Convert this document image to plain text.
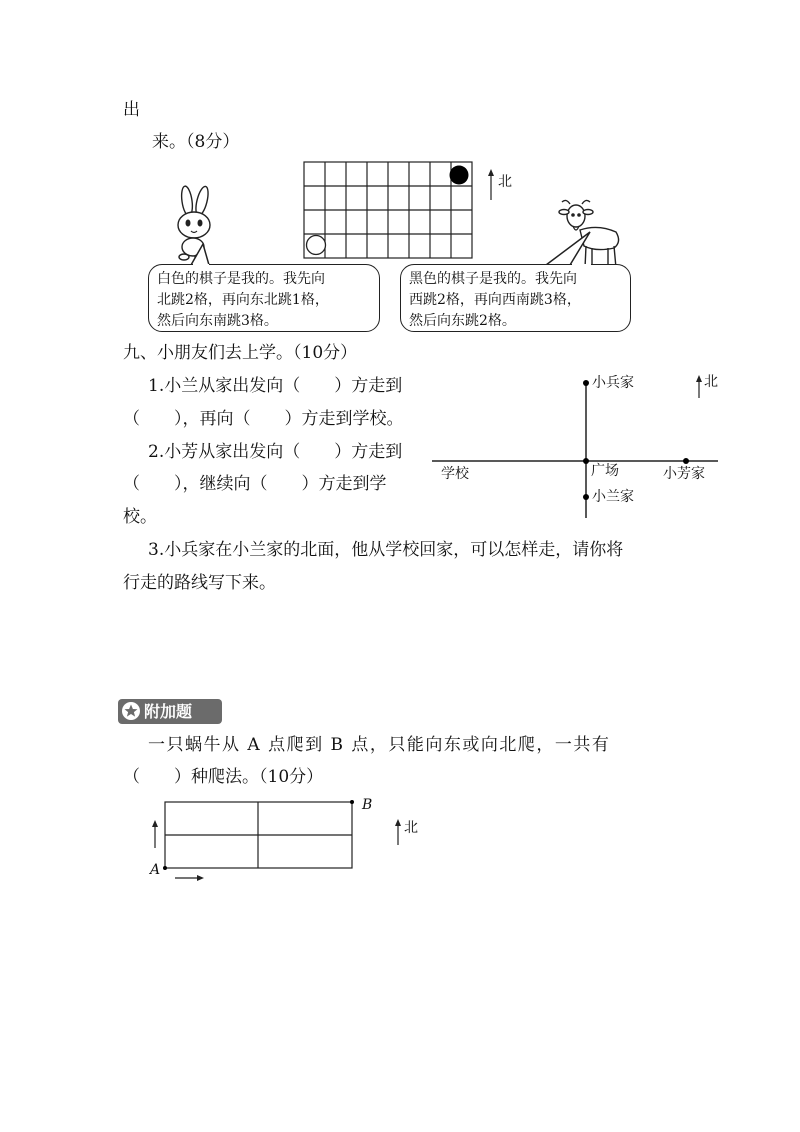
出
来。（8分）
北
白色的棋子是我的。我先向
北跳2格，再向东北跳1格，
然后向东南跳3格。
黑色的棋子是我的。我先向
西跳2格，再向西南跳3格，
然后向东跳2格。
九、小朋友们去上学。（10分）
1.小兰从家出发向（　　）方走到
（　　），再向（　　）方走到学校。
2.小芳从家出发向（　　）方走到
（　　），继续向（　　）方走到学
校。
3.小兵家在小兰家的北面，他从学校回家，可以怎样走，请你将
行走的路线写下来。
小兵家	北
学校	广场	小芳家
小兰家
附加题
一只蜗牛从 A 点爬到 B 点，只能向东或向北爬，一共有
（　　）种爬法。（10分）
A
B
北
